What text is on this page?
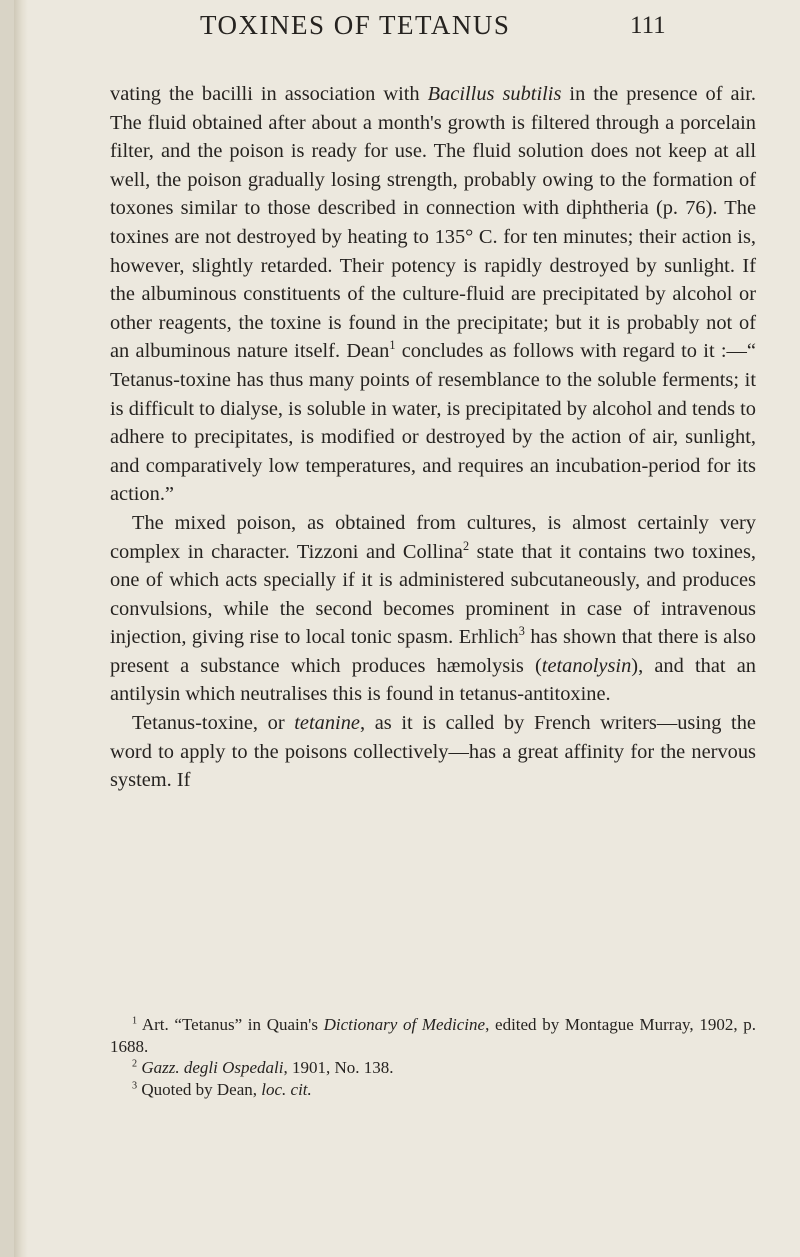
TOXINES OF TETANUS	111

vating the bacilli in association with Bacillus subtilis in the presence of air. The fluid obtained after about a month's growth is filtered through a porcelain filter, and the poison is ready for use. The fluid solution does not keep at all well, the poison gradually losing strength, probably owing to the formation of toxones similar to those described in connection with diphtheria (p. 76). The toxines are not destroyed by heating to 135° C. for ten minutes; their action is, however, slightly retarded. Their potency is rapidly destroyed by sunlight. If the albuminous constituents of the culture-fluid are precipitated by alcohol or other reagents, the toxine is found in the precipitate; but it is probably not of an albuminous nature itself. Dean$^1$ concludes as follows with regard to it :—“ Tetanus-toxine has thus many points of resemblance to the soluble ferments; it is difficult to dialyse, is soluble in water, is precipitated by alcohol and tends to adhere to precipitates, is modified or destroyed by the action of air, sunlight, and comparatively low temperatures, and requires an incubation-period for its action.”

The mixed poison, as obtained from cultures, is almost certainly very complex in character. Tizzoni and Collina$^2$ state that it contains two toxines, one of which acts specially if it is administered subcutaneously, and produces convulsions, while the second becomes prominent in case of intravenous injection, giving rise to local tonic spasm. Erhlich$^3$ has shown that there is also present a substance which produces hæmolysis (tetanolysin), and that an antilysin which neutralises this is found in tetanus-antitoxine.

Tetanus-toxine, or tetanine, as it is called by French writers—using the word to apply to the poisons collectively—has a great affinity for the nervous system. If

$^1$ Art. “Tetanus” in Quain's Dictionary of Medicine, edited by Montague Murray, 1902, p. 1688.

$^2$ Gazz. degli Ospedali, 1901, No. 138.

$^3$ Quoted by Dean, loc. cit.
